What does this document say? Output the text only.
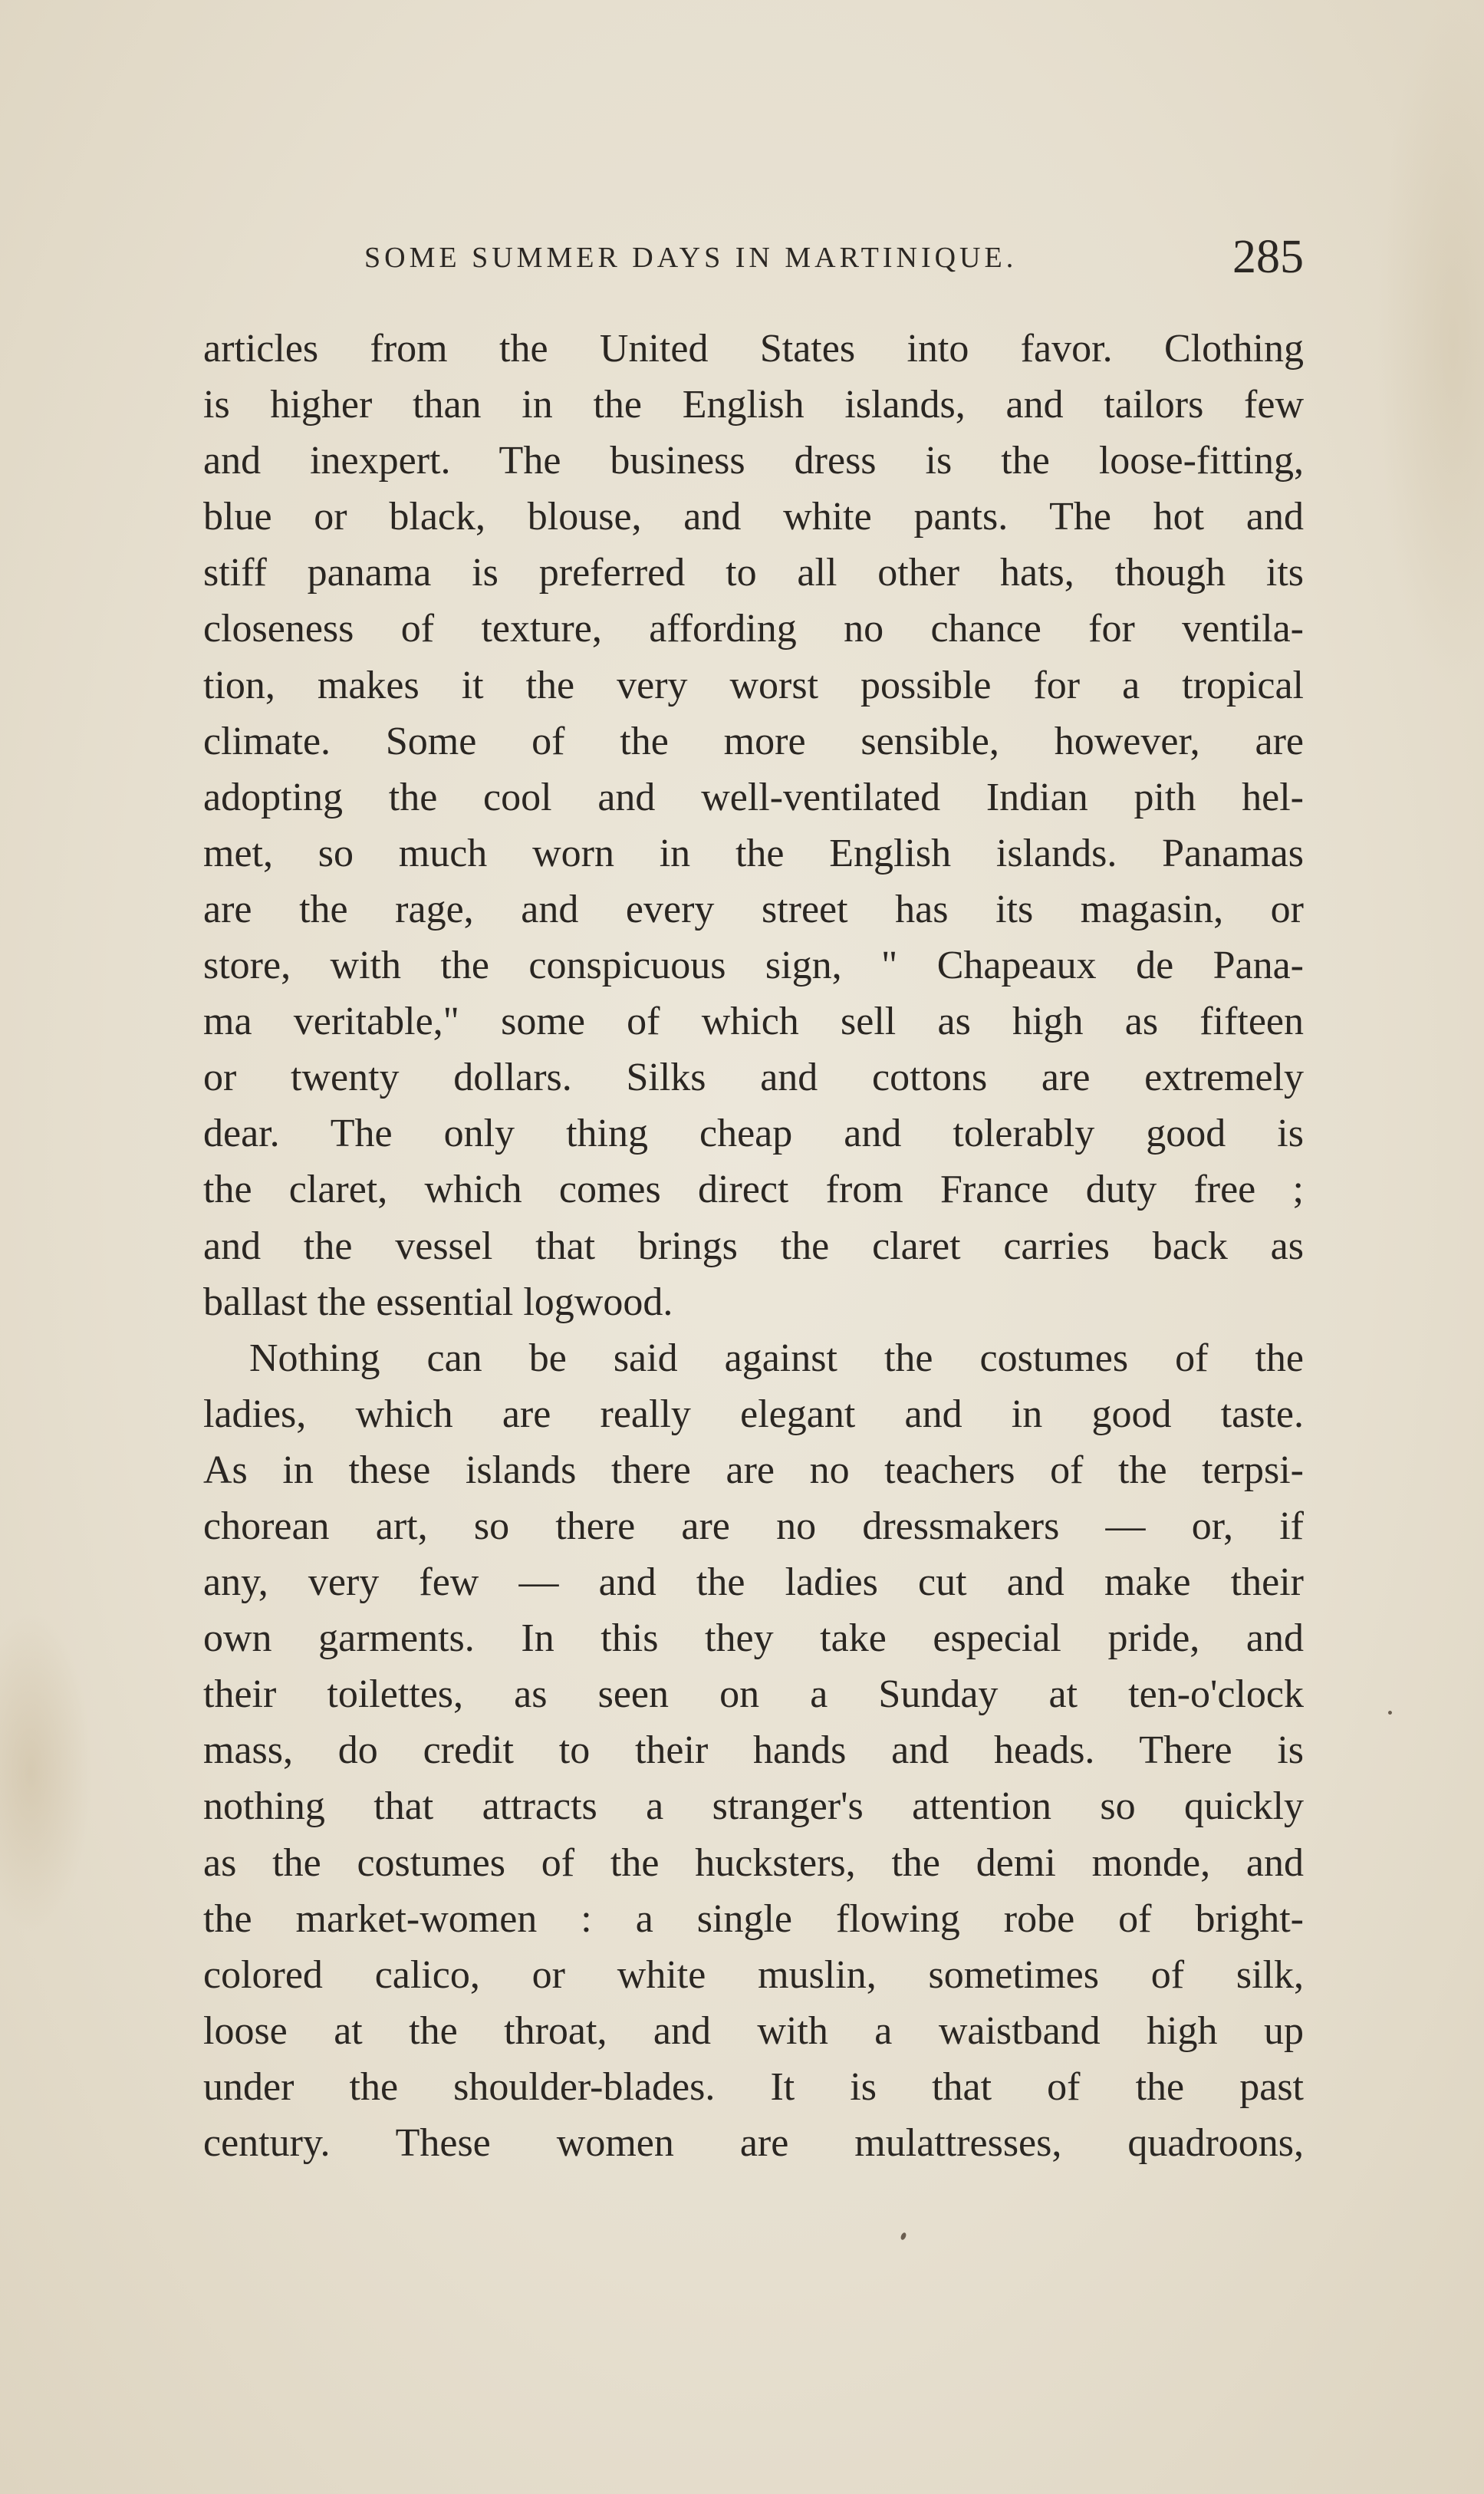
SOME SUMMER DAYS IN MARTINIQUE.	285
articles from the United States into favor. Clothing
is higher than in the English islands, and tailors few
and inexpert. The business dress is the loose-fitting,
blue or black, blouse, and white pants. The hot and
stiff panama is preferred to all other hats, though its
closeness of texture, affording no chance for ventila-
tion, makes it the very worst possible for a tropical
climate. Some of the more sensible, however, are
adopting the cool and well-ventilated Indian pith hel-
met, so much worn in the English islands. Panamas
are the rage, and every street has its magasin, or
store, with the conspicuous sign, " Chapeaux de Pana-
ma veritable," some of which sell as high as fifteen
or twenty dollars. Silks and cottons are extremely
dear. The only thing cheap and tolerably good is
the claret, which comes direct from France duty free ;
and the vessel that brings the claret carries back as
ballast the essential logwood.
Nothing can be said against the costumes of the
ladies, which are really elegant and in good taste.
As in these islands there are no teachers of the terpsi-
chorean art, so there are no dressmakers — or, if
any, very few — and the ladies cut and make their
own garments. In this they take especial pride, and
their toilettes, as seen on a Sunday at ten-o'clock
mass, do credit to their hands and heads. There is
nothing that attracts a stranger's attention so quickly
as the costumes of the hucksters, the demi monde, and
the market-women : a single flowing robe of bright-
colored calico, or white muslin, sometimes of silk,
loose at the throat, and with a waistband high up
under the shoulder-blades. It is that of the past
century. These women are mulattresses, quadroons,
